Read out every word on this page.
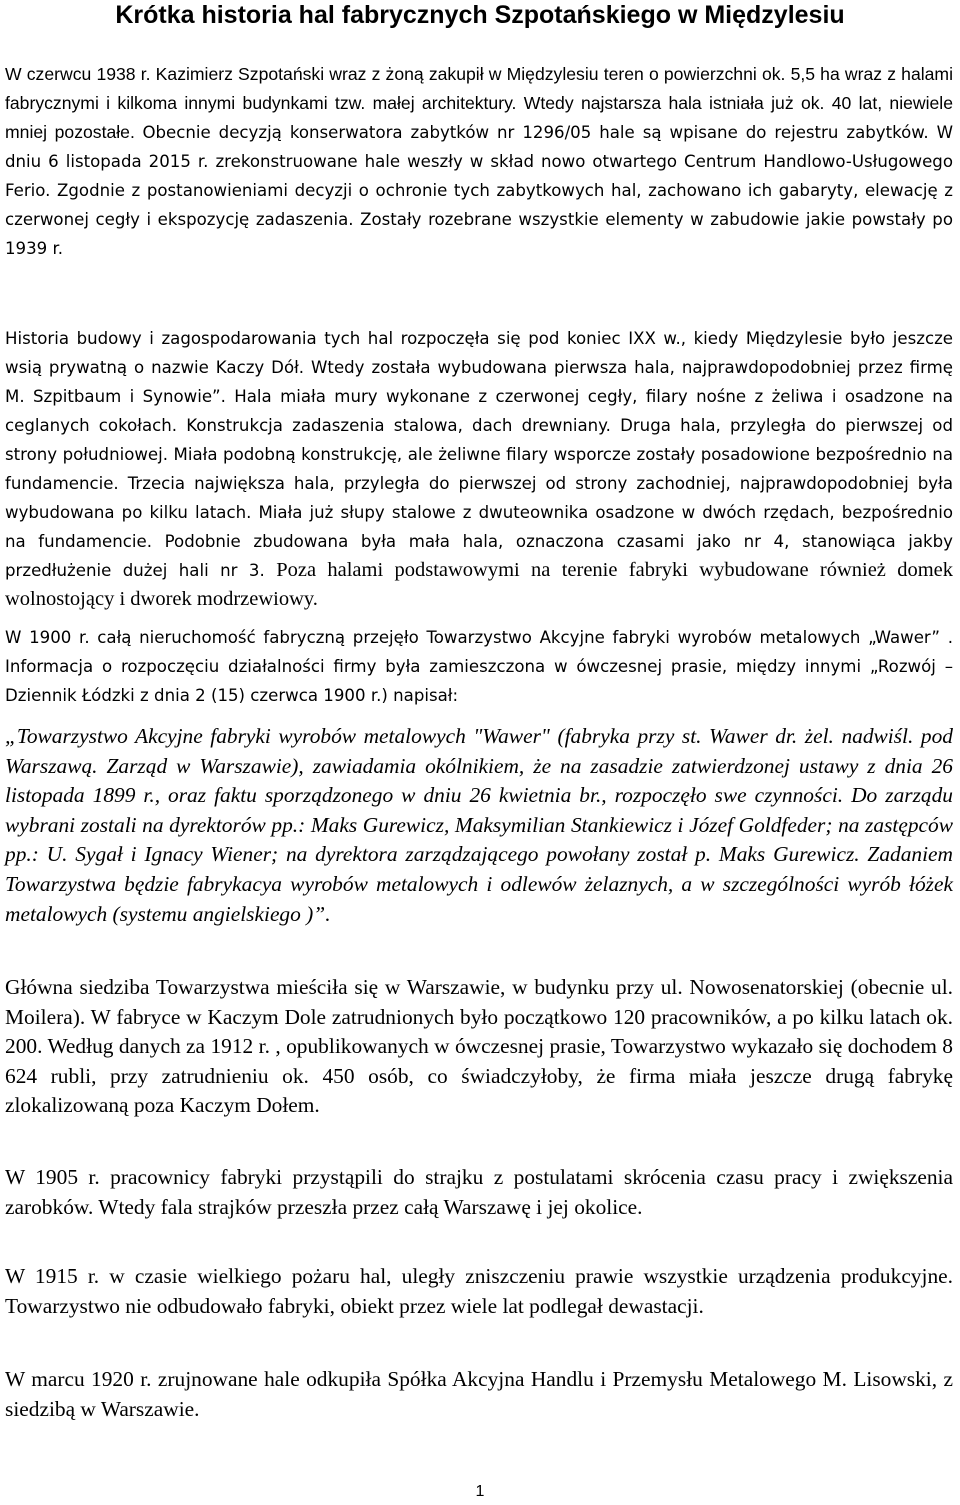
Krótka historia hal fabrycznych Szpotańskiego w Międzylesiu

W czerwcu 1938 r. Kazimierz Szpotański wraz z żoną zakupił w Międzylesiu teren o powierzchni ok. 5,5 ha wraz z halami fabrycznymi i kilkoma innymi budynkami tzw. małej architektury. Wtedy najstarsza hala istniała już ok. 40 lat, niewiele mniej pozostałe. Obecnie decyzją konserwatora zabytków nr 1296/05 hale są wpisane do rejestru zabytków. W dniu 6 listopada 2015 r. zrekonstruowane hale weszły w skład nowo otwartego Centrum Handlowo-Usługowego Ferio. Zgodnie z postanowieniami decyzji o ochronie tych zabytkowych hal, zachowano ich gabaryty, elewację z czerwonej cegły i ekspozycję zadaszenia. Zostały rozebrane wszystkie elementy w zabudowie jakie powstały po 1939 r.

Historia budowy i zagospodarowania tych hal rozpoczęła się pod koniec IXX w., kiedy Międzylesie było jeszcze wsią prywatną o nazwie Kaczy Dół. Wtedy została wybudowana pierwsza hala, najprawdopodobniej przez firmę M. Szpitbaum i Synowie”. Hala miała mury wykonane z czerwonej cegły, filary nośne z żeliwa i osadzone na ceglanych cokołach. Konstrukcja zadaszenia stalowa, dach drewniany. Druga hala, przyległa do pierwszej od strony południowej. Miała podobną konstrukcję, ale żeliwne filary wsporcze zostały posadowione bezpośrednio na fundamencie. Trzecia największa hala, przyległa do pierwszej od strony zachodniej, najprawdopodobniej była wybudowana po kilku latach. Miała już słupy stalowe z dwuteownika osadzone w dwóch rzędach, bezpośrednio na fundamencie. Podobnie zbudowana była mała hala, oznaczona czasami jako nr 4, stanowiąca jakby przedłużenie dużej hali nr 3. Poza halami podstawowymi na terenie fabryki wybudowane również domek wolnostojący i dworek modrzewiowy.

W 1900 r. całą nieruchomość fabryczną przejęło Towarzystwo Akcyjne fabryki wyrobów metalowych „Wawer” . Informacja o rozpoczęciu działalności firmy była zamieszczona w ówczesnej prasie, między innymi „Rozwój – Dziennik Łódzki z dnia 2 (15) czerwca 1900 r.) napisał:

„Towarzystwo Akcyjne fabryki wyrobów metalowych "Wawer" (fabryka przy st. Wawer dr. żel. nadwiśl. pod Warszawą. Zarząd w Warszawie), zawiadamia okólnikiem, że na zasadzie zatwierdzonej ustawy z dnia 26 listopada 1899 r., oraz faktu sporządzonego w dniu 26 kwietnia br., rozpoczęło swe czynności. Do zarządu wybrani zostali na dyrektorów pp.: Maks Gurewicz, Maksymilian Stankiewicz i Józef Goldfeder; na zastępców pp.: U. Sygał i Ignacy Wiener; na dyrektora zarządzającego powołany został p. Maks Gurewicz. Zadaniem Towarzystwa będzie fabrykacya wyrobów metalowych i odlewów żelaznych, a w szczególności wyrób łóżek metalowych (systemu angielskiego )”.

Główna siedziba Towarzystwa mieściła się w Warszawie, w budynku przy ul. Nowosenatorskiej (obecnie ul. Moilera). W fabryce w Kaczym Dole zatrudnionych było początkowo 120 pracowników, a po kilku latach ok. 200. Według danych za 1912 r. , opublikowanych w ówczesnej prasie, Towarzystwo wykazało się dochodem 8 624 rubli, przy zatrudnieniu ok. 450 osób, co świadczyłoby, że firma miała jeszcze drugą fabrykę zlokalizowaną poza Kaczym Dołem.

W 1905 r. pracownicy fabryki przystąpili do strajku z postulatami skrócenia czasu pracy i zwiększenia zarobków. Wtedy fala strajków przeszła przez całą Warszawę i jej okolice.

W 1915 r. w czasie wielkiego pożaru hal, uległy zniszczeniu prawie wszystkie urządzenia produkcyjne. Towarzystwo nie odbudowało fabryki, obiekt przez wiele lat podlegał dewastacji.

W marcu 1920 r. zrujnowane hale odkupiła Spółka Akcyjna Handlu i Przemysłu Metalowego M. Lisowski, z siedzibą w Warszawie.

1
